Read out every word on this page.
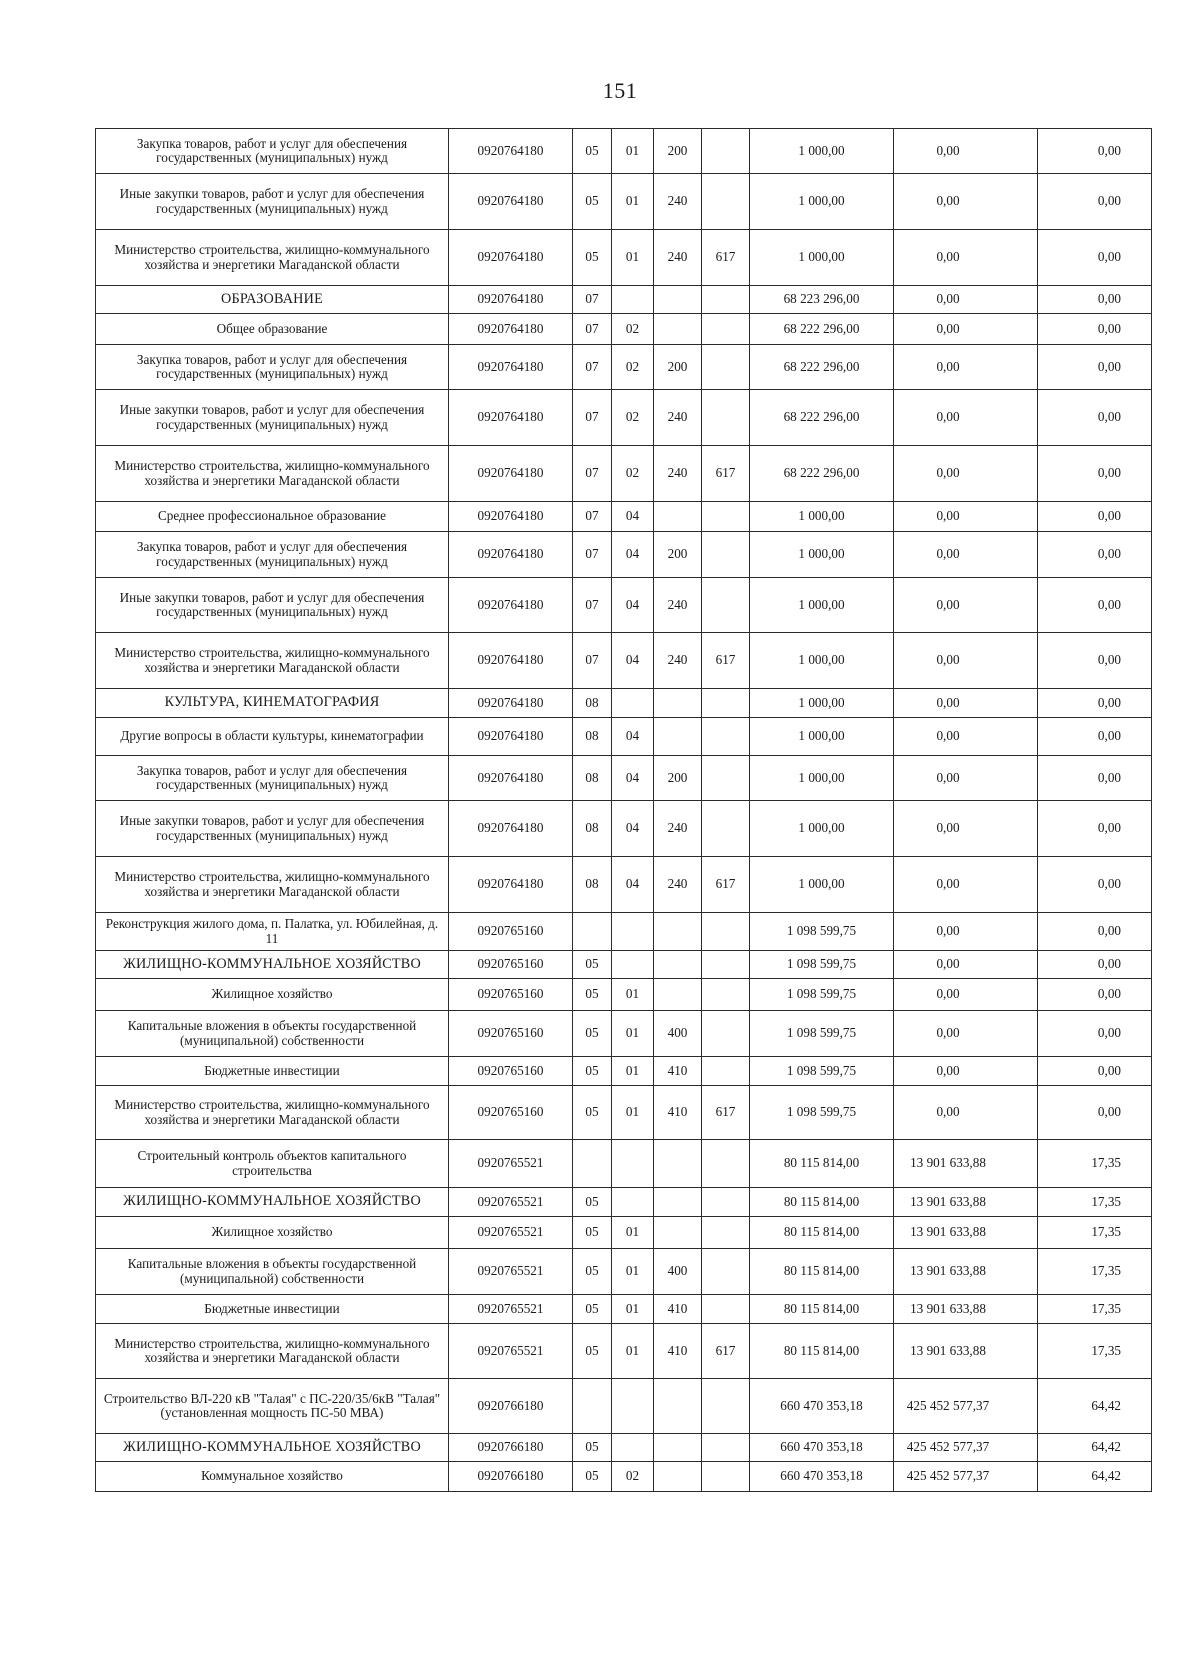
151
Закупка товаров, работ и услуг для обеспечения государственных (муниципальных) нужд	0920764180	05	01	200		1 000,00	0,00	0,00
Иные закупки товаров, работ и услуг для обеспечения государственных (муниципальных) нужд	0920764180	05	01	240		1 000,00	0,00	0,00
Министерство строительства, жилищно-коммунального хозяйства и энергетики Магаданской области	0920764180	05	01	240	617	1 000,00	0,00	0,00
ОБРАЗОВАНИЕ	0920764180	07				68 223 296,00	0,00	0,00
Общее образование	0920764180	07	02			68 222 296,00	0,00	0,00
Закупка товаров, работ и услуг для обеспечения государственных (муниципальных) нужд	0920764180	07	02	200		68 222 296,00	0,00	0,00
Иные закупки товаров, работ и услуг для обеспечения государственных (муниципальных) нужд	0920764180	07	02	240		68 222 296,00	0,00	0,00
Министерство строительства, жилищно-коммунального хозяйства и энергетики Магаданской области	0920764180	07	02	240	617	68 222 296,00	0,00	0,00
Среднее профессиональное образование	0920764180	07	04			1 000,00	0,00	0,00
Закупка товаров, работ и услуг для обеспечения государственных (муниципальных) нужд	0920764180	07	04	200		1 000,00	0,00	0,00
Иные закупки товаров, работ и услуг для обеспечения государственных (муниципальных) нужд	0920764180	07	04	240		1 000,00	0,00	0,00
Министерство строительства, жилищно-коммунального хозяйства и энергетики Магаданской области	0920764180	07	04	240	617	1 000,00	0,00	0,00
КУЛЬТУРА, КИНЕМАТОГРАФИЯ	0920764180	08				1 000,00	0,00	0,00
Другие вопросы в области культуры, кинематографии	0920764180	08	04			1 000,00	0,00	0,00
Закупка товаров, работ и услуг для обеспечения государственных (муниципальных) нужд	0920764180	08	04	200		1 000,00	0,00	0,00
Иные закупки товаров, работ и услуг для обеспечения государственных (муниципальных) нужд	0920764180	08	04	240		1 000,00	0,00	0,00
Министерство строительства, жилищно-коммунального хозяйства и энергетики Магаданской области	0920764180	08	04	240	617	1 000,00	0,00	0,00
Реконструкция жилого дома, п. Палатка, ул. Юбилейная, д. 11	0920765160					1 098 599,75	0,00	0,00
ЖИЛИЩНО-КОММУНАЛЬНОЕ ХОЗЯЙСТВО	0920765160	05				1 098 599,75	0,00	0,00
Жилищное хозяйство	0920765160	05	01			1 098 599,75	0,00	0,00
Капитальные вложения в объекты государственной (муниципальной) собственности	0920765160	05	01	400		1 098 599,75	0,00	0,00
Бюджетные инвестиции	0920765160	05	01	410		1 098 599,75	0,00	0,00
Министерство строительства, жилищно-коммунального хозяйства и энергетики Магаданской области	0920765160	05	01	410	617	1 098 599,75	0,00	0,00
Строительный контроль объектов капитального строительства	0920765521					80 115 814,00	13 901 633,88	17,35
ЖИЛИЩНО-КОММУНАЛЬНОЕ ХОЗЯЙСТВО	0920765521	05				80 115 814,00	13 901 633,88	17,35
Жилищное хозяйство	0920765521	05	01			80 115 814,00	13 901 633,88	17,35
Капитальные вложения в объекты государственной (муниципальной) собственности	0920765521	05	01	400		80 115 814,00	13 901 633,88	17,35
Бюджетные инвестиции	0920765521	05	01	410		80 115 814,00	13 901 633,88	17,35
Министерство строительства, жилищно-коммунального хозяйства и энергетики Магаданской области	0920765521	05	01	410	617	80 115 814,00	13 901 633,88	17,35
Строительство ВЛ-220 кВ "Талая" с ПС-220/35/6кВ "Талая" (установленная мощность ПС-50 МВА)	0920766180					660 470 353,18	425 452 577,37	64,42
ЖИЛИЩНО-КОММУНАЛЬНОЕ ХОЗЯЙСТВО	0920766180	05				660 470 353,18	425 452 577,37	64,42
Коммунальное хозяйство	0920766180	05	02			660 470 353,18	425 452 577,37	64,42
